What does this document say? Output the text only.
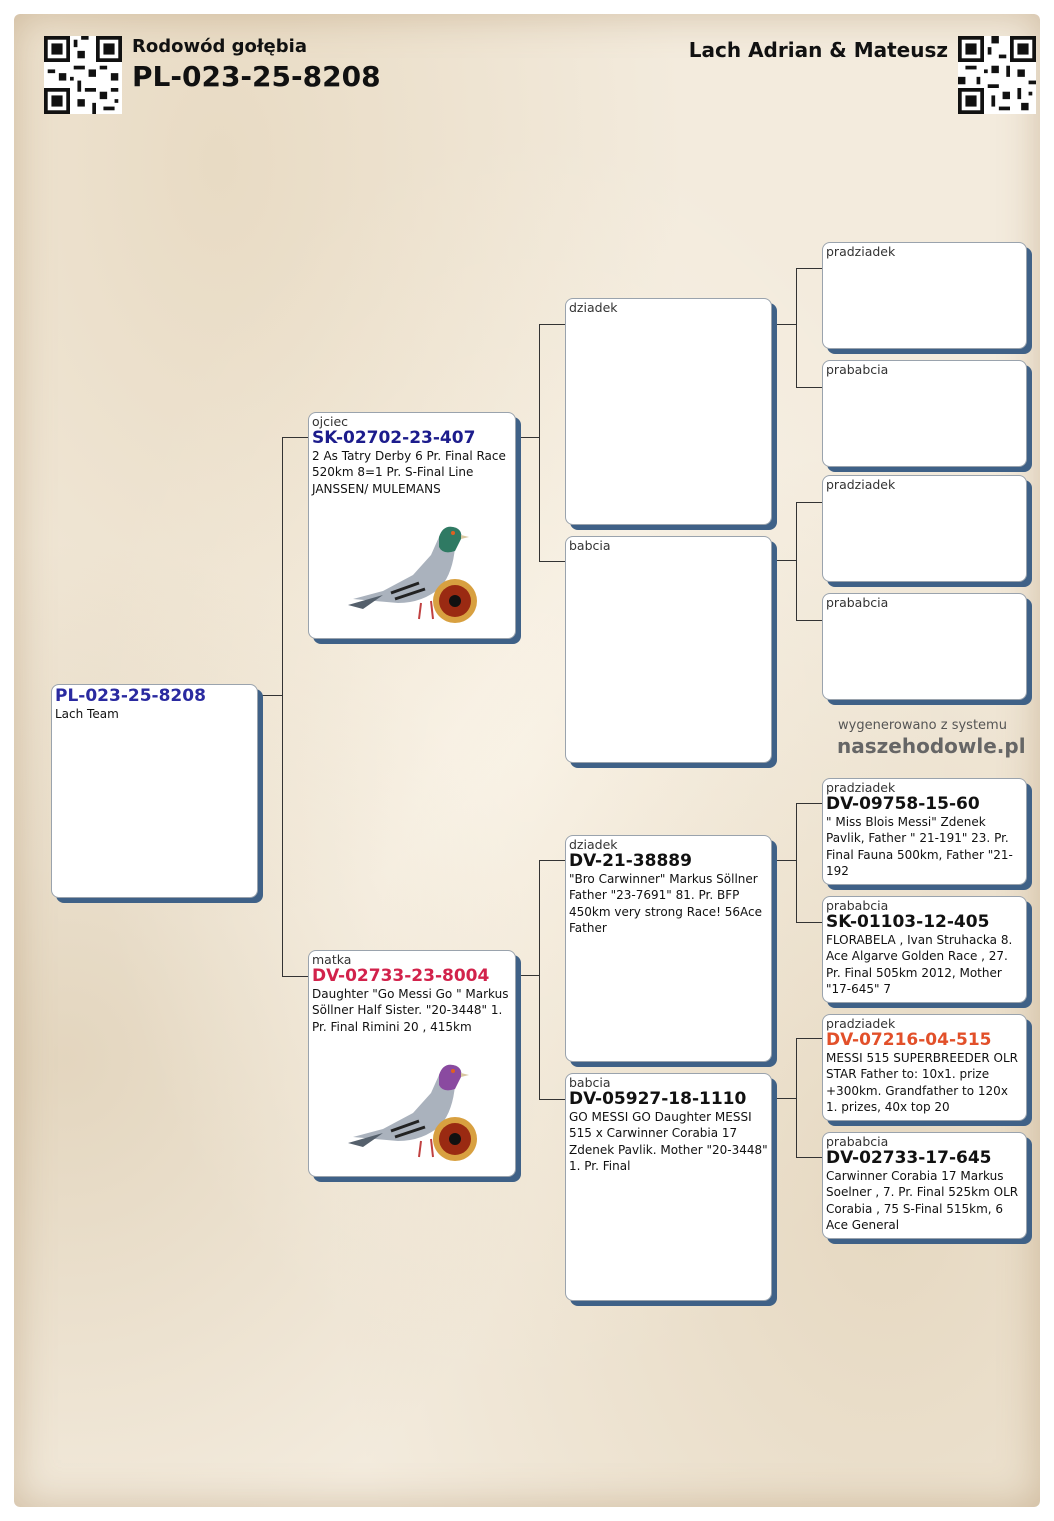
Rodowód gołębia
PL-023-25-8208
Lach Adrian & Mateusz
PL-023-25-8208
Lach Team
ojciec
SK-02702-23-407
2 As Tatry Derby 6 Pr. Final Race 520km 8=1 Pr. S-Final Line JANSSEN/ MULEMANS
matka
DV-02733-23-8004
Daughter "Go Messi Go " Markus Söllner Half Sister. "20-3448" 1. Pr. Final Rimini 20 , 415km
dziadek
babcia
dziadek
DV-21-38889
"Bro Carwinner" Markus Söllner Father "23-7691" 81. Pr. BFP 450km very strong Race! 56Ace Father
babcia
DV-05927-18-1110
GO MESSI GO Daughter MESSI 515 x Carwinner Corabia 17 Zdenek Pavlik. Mother "20-3448" 1. Pr. Final
pradziadek
prababcia
pradziadek
prababcia
pradziadek
DV-09758-15-60
" Miss Blois Messi" Zdenek Pavlik, Father " 21-191" 23. Pr. Final Fauna 500km, Father "21-192
prababcia
SK-01103-12-405
FLORABELA , Ivan Struhacka 8. Ace Algarve Golden Race , 27. Pr. Final 505km 2012, Mother "17-645" 7
pradziadek
DV-07216-04-515
MESSI 515 SUPERBREEDER OLR STAR Father to: 10x1. prize +300km. Grandfather to 120x 1. prizes, 40x top 20
prababcia
DV-02733-17-645
Carwinner Corabia 17 Markus Soelner , 7. Pr. Final 525km OLR Corabia , 75 S-Final 515km, 6 Ace General
wygenerowano z systemu
naszehodowle.pl
